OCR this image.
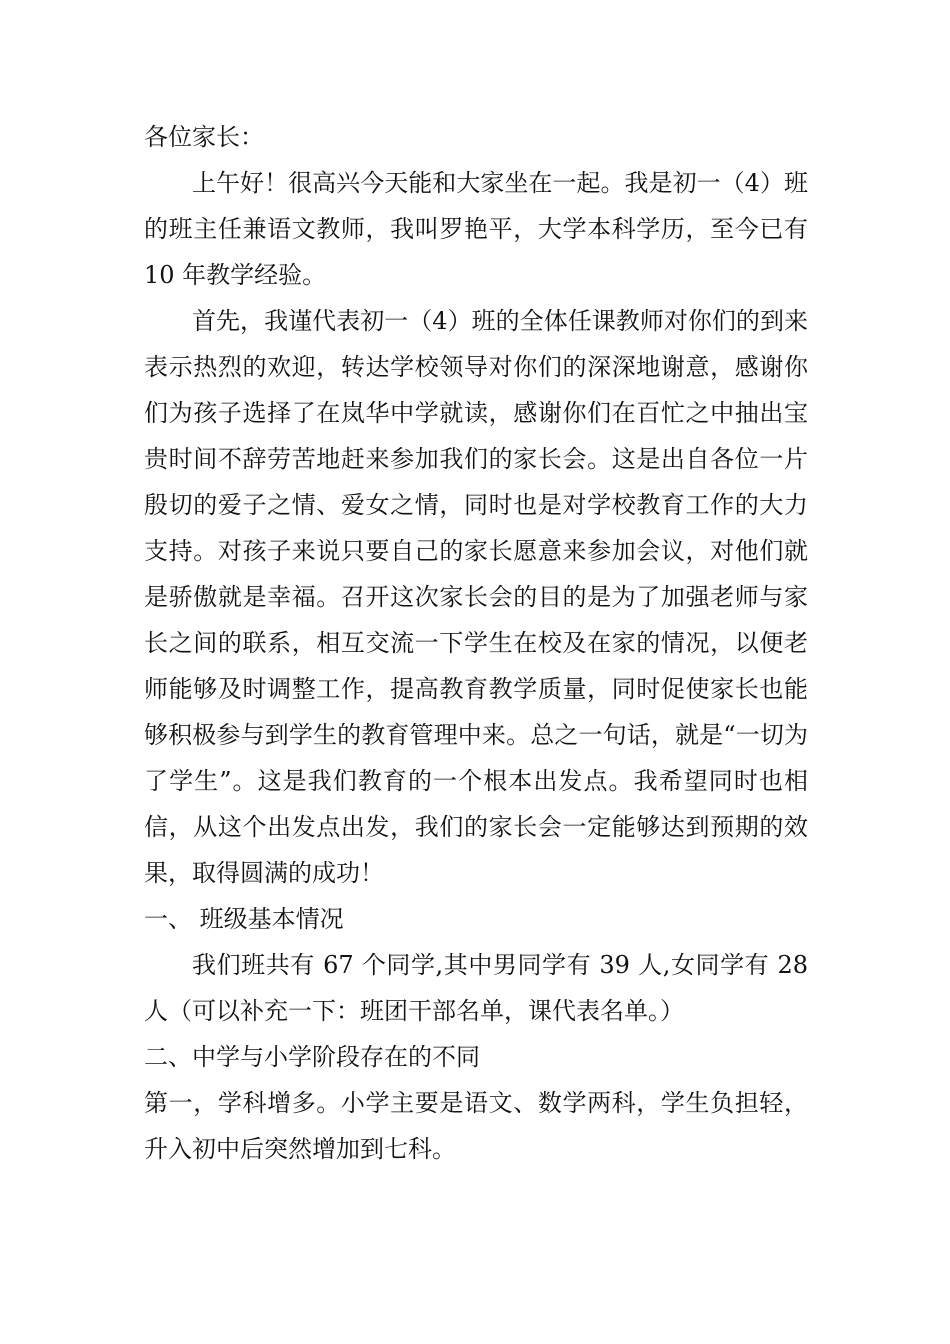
各位家长：

上午好！很高兴今天能和大家坐在一起。我是初一（4）班的班主任兼语文教师，我叫罗艳平，大学本科学历，至今已有 10 年教学经验。

首先，我谨代表初一（4）班的全体任课教师对你们的到来表示热烈的欢迎，转达学校领导对你们的深深地谢意，感谢你们为孩子选择了在岚华中学就读，感谢你们在百忙之中抽出宝贵时间不辞劳苦地赶来参加我们的家长会。这是出自各位一片殷切的爱子之情、爱女之情，同时也是对学校教育工作的大力支持。对孩子来说只要自己的家长愿意来参加会议，对他们就是骄傲就是幸福。召开这次家长会的目的是为了加强老师与家长之间的联系，相互交流一下学生在校及在家的情况，以便老师能够及时调整工作，提高教育教学质量，同时促使家长也能够积极参与到学生的教育管理中来。总之一句话，就是“一切为了学生”。这是我们教育的一个根本出发点。我希望同时也相信，从这个出发点出发，我们的家长会一定能够达到预期的效果，取得圆满的成功！

一、 班级基本情况

我们班共有 67 个同学,其中男同学有 39 人,女同学有 28 人（可以补充一下：班团干部名单，课代表名单。）

二、中学与小学阶段存在的不同

第一，学科增多。小学主要是语文、数学两科，学生负担轻，升入初中后突然增加到七科。
